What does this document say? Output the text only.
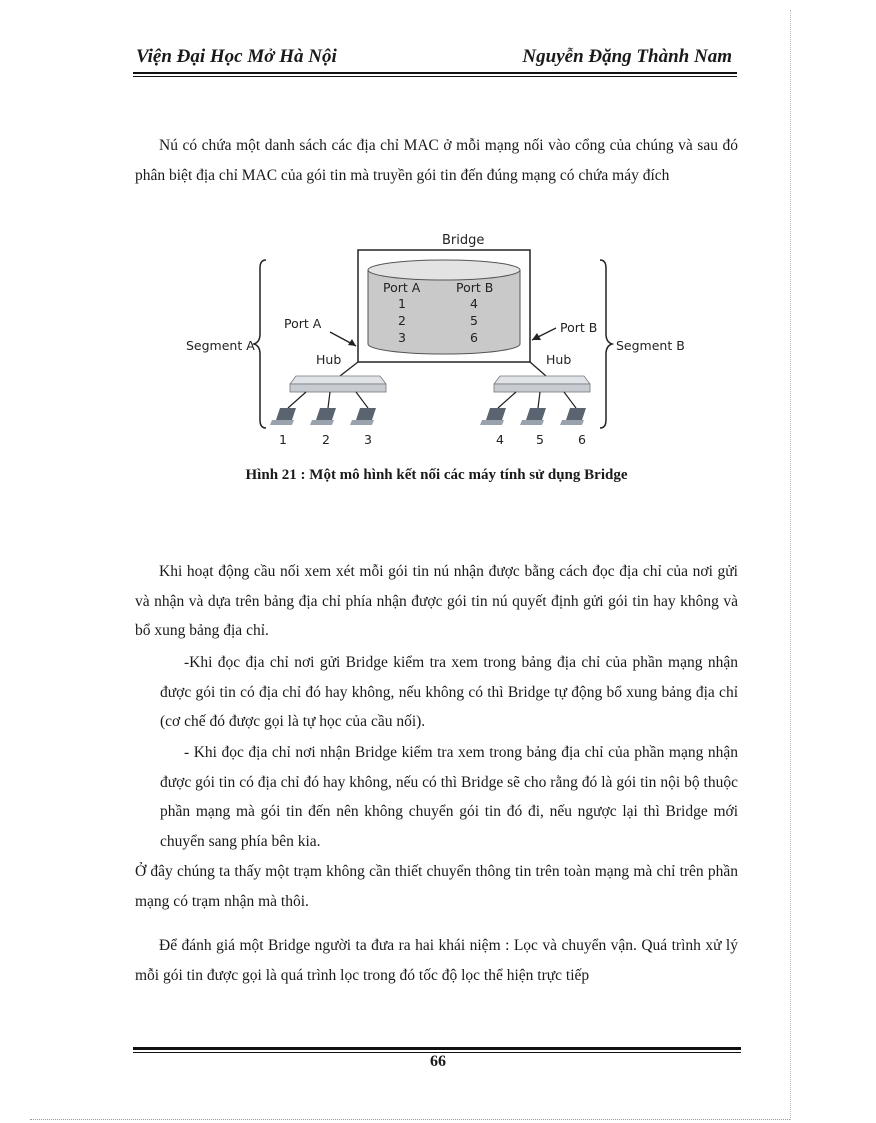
Viện Đại Học Mở Hà Nội	Nguyễn Đặng Thành Nam

Nú có chứa một danh sách các địa chỉ MAC ở mỗi mạng nối vào cổng của chúng và sau đó phân biệt địa chỉ MAC của gói tin mà truyền gói tin đến đúng mạng có chứa máy đích

Bridge
Port A	Port B
1	4
2	5
3	6
Port A	Port B
Hub	Hub
1	2	3	4	5	6
Segment A	Segment B
Hình 21 : Một mô hình kết nối các máy tính sử dụng Bridge

Khi hoạt động cầu nối xem xét mỗi gói tin nú nhận được bằng cách đọc địa chỉ của nơi gửi và nhận và dựa trên bảng địa chỉ phía nhận được gói tin nú quyết định gửi gói tin hay không và bổ xung bảng địa chỉ.

-Khi đọc địa chỉ nơi gửi Bridge kiểm tra xem trong bảng địa chỉ của phần mạng nhận được gói tin có địa chỉ đó hay không, nếu không có thì Bridge tự động bổ xung bảng địa chỉ (cơ chế đó được gọi là tự học của cầu nối).

- Khi đọc địa chỉ nơi nhận Bridge kiểm tra xem trong bảng địa chỉ của phần mạng nhận được gói tin có địa chỉ đó hay không, nếu có thì Bridge sẽ cho rằng đó là gói tin nội bộ thuộc phần mạng mà gói tin đến nên không chuyển gói tin đó đi, nếu ngược lại thì Bridge mới chuyển sang phía bên kia.

Ở đây chúng ta thấy một trạm không cần thiết chuyển thông tin trên toàn mạng mà chỉ trên phần mạng có trạm nhận mà thôi.

Để đánh giá một Bridge người ta đưa ra hai khái niệm : Lọc và chuyển vận. Quá trình xử lý mỗi gói tin được gọi là quá trình lọc trong đó tốc độ lọc thể hiện trực tiếp

66
